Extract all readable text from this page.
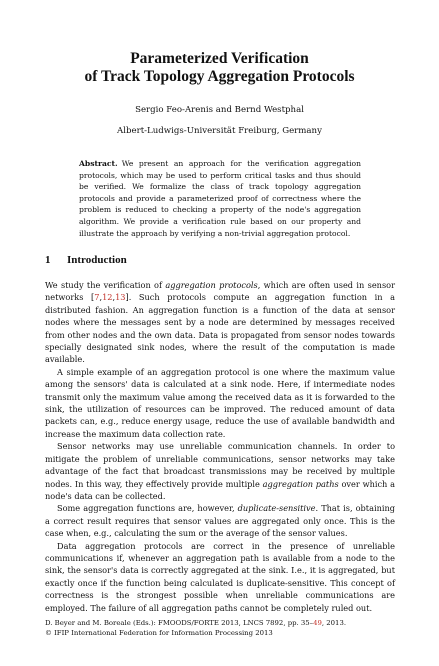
Parameterized Verification
of Track Topology Aggregation Protocols
Sergio Feo-Arenis and Bernd Westphal
Albert-Ludwigs-Universität Freiburg, Germany
Abstract. We present an approach for the verification aggregation protocols, which may be used to perform critical tasks and thus should be verified. We formalize the class of track topology aggregation protocols and provide a parameterized proof of correctness where the problem is reduced to checking a property of the node's aggregation algorithm. We provide a verification rule based on our property and illustrate the approach by verifying a non-trivial aggregation protocol.
1 Introduction

We study the verification of aggregation protocols, which are often used in sensor networks [7,12,13]. Such protocols compute an aggregation function in a distributed fashion. An aggregation function is a function of the data at sensor nodes where the messages sent by a node are determined by messages received from other nodes and the own data. Data is propagated from sensor nodes towards specially designated sink nodes, where the result of the computation is made available.

A simple example of an aggregation protocol is one where the maximum value among the sensors' data is calculated at a sink node. Here, if intermediate nodes transmit only the maximum value among the received data as it is forwarded to the sink, the utilization of resources can be improved. The reduced amount of data packets can, e.g., reduce energy usage, reduce the use of available bandwidth and increase the maximum data collection rate.

Sensor networks may use unreliable communication channels. In order to mitigate the problem of unreliable communications, sensor networks may take advantage of the fact that broadcast transmissions may be received by multiple nodes. In this way, they effectively provide multiple aggregation paths over which a node's data can be collected.

Some aggregation functions are, however, duplicate-sensitive. That is, obtaining a correct result requires that sensor values are aggregated only once. This is the case when, e.g., calculating the sum or the average of the sensor values.

Data aggregation protocols are correct in the presence of unreliable communications if, whenever an aggregation path is available from a node to the sink, the sensor's data is correctly aggregated at the sink. I.e., it is aggregated, but exactly once if the function being calculated is duplicate-sensitive. This concept of correctness is the strongest possible when unreliable communications are employed. The failure of all aggregation paths cannot be completely ruled out.

D. Beyer and M. Boreale (Eds.): FMOODS/FORTE 2013, LNCS 7892, pp. 35–49, 2013.
© IFIP International Federation for Information Processing 2013
